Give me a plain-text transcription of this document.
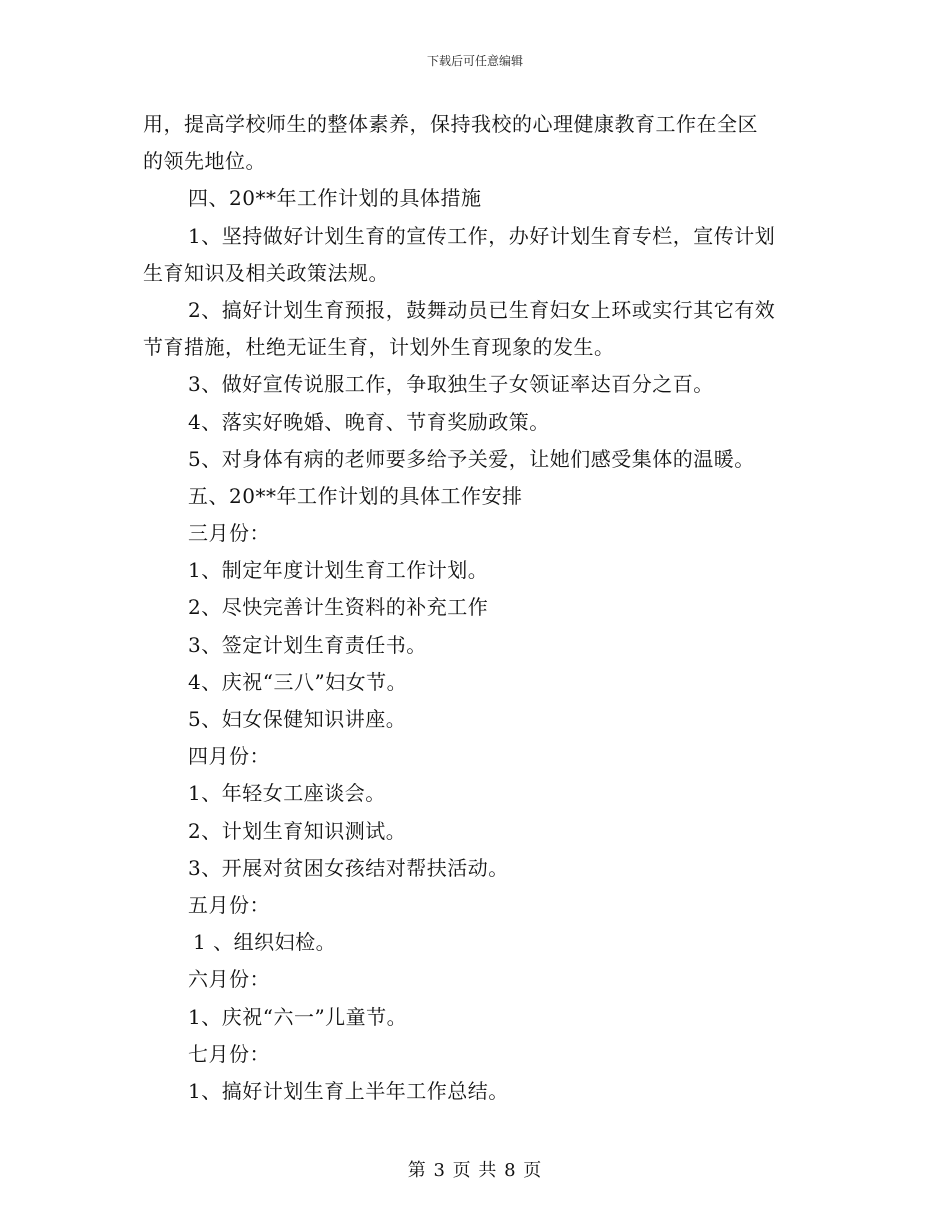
下载后可任意编辑
用，提高学校师生的整体素养，保持我校的心理健康教育工作在全区
的领先地位。
四、20**年工作计划的具体措施
1、坚持做好计划生育的宣传工作，办好计划生育专栏，宣传计划
生育知识及相关政策法规。
2、搞好计划生育预报，鼓舞动员已生育妇女上环或实行其它有效
节育措施，杜绝无证生育，计划外生育现象的发生。
3、做好宣传说服工作，争取独生子女领证率达百分之百。
4、落实好晚婚、晚育、节育奖励政策。
5、对身体有病的老师要多给予关爱，让她们感受集体的温暖。
五、20**年工作计划的具体工作安排
三月份：
1、制定年度计划生育工作计划。
2、尽快完善计生资料的补充工作
3、签定计划生育责任书。
4、庆祝“三八”妇女节。
5、妇女保健知识讲座。
四月份：
1、年轻女工座谈会。
2、计划生育知识测试。
3、开展对贫困女孩结对帮扶活动。
五月份：
1 、组织妇检。
六月份：
1、庆祝“六一”儿童节。
七月份：
1、搞好计划生育上半年工作总结。
第 3 页 共 8 页
